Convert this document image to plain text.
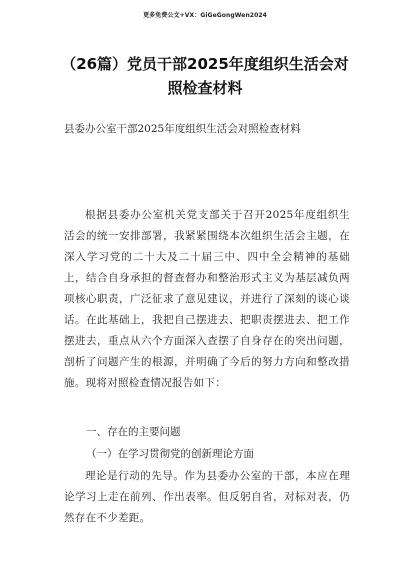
更多免费公文+VX：GiGeGongWen2024
（26篇）党员干部2025年度组织生活会对照检查材料
县委办公室干部2025年度组织生活会对照检查材料

根据县委办公室机关党支部关于召开2025年度组织生活会的统一安排部署，我紧紧围绕本次组织生活会主题，在深入学习党的二十大及二十届三中、四中全会精神的基础上，结合自身承担的督查督办和整治形式主义为基层减负两项核心职责，广泛征求了意见建议，并进行了深刻的谈心谈话。在此基础上，我把自己摆进去、把职责摆进去、把工作摆进去，重点从六个方面深入查摆了自身存在的突出问题，剖析了问题产生的根源，并明确了今后的努力方向和整改措施。现将对照检查情况报告如下：

一、存在的主要问题
（一）在学习贯彻党的创新理论方面

理论是行动的先导。作为县委办公室的干部，本应在理论学习上走在前列、作出表率。但反躬自省，对标对表，仍然存在不少差距。
